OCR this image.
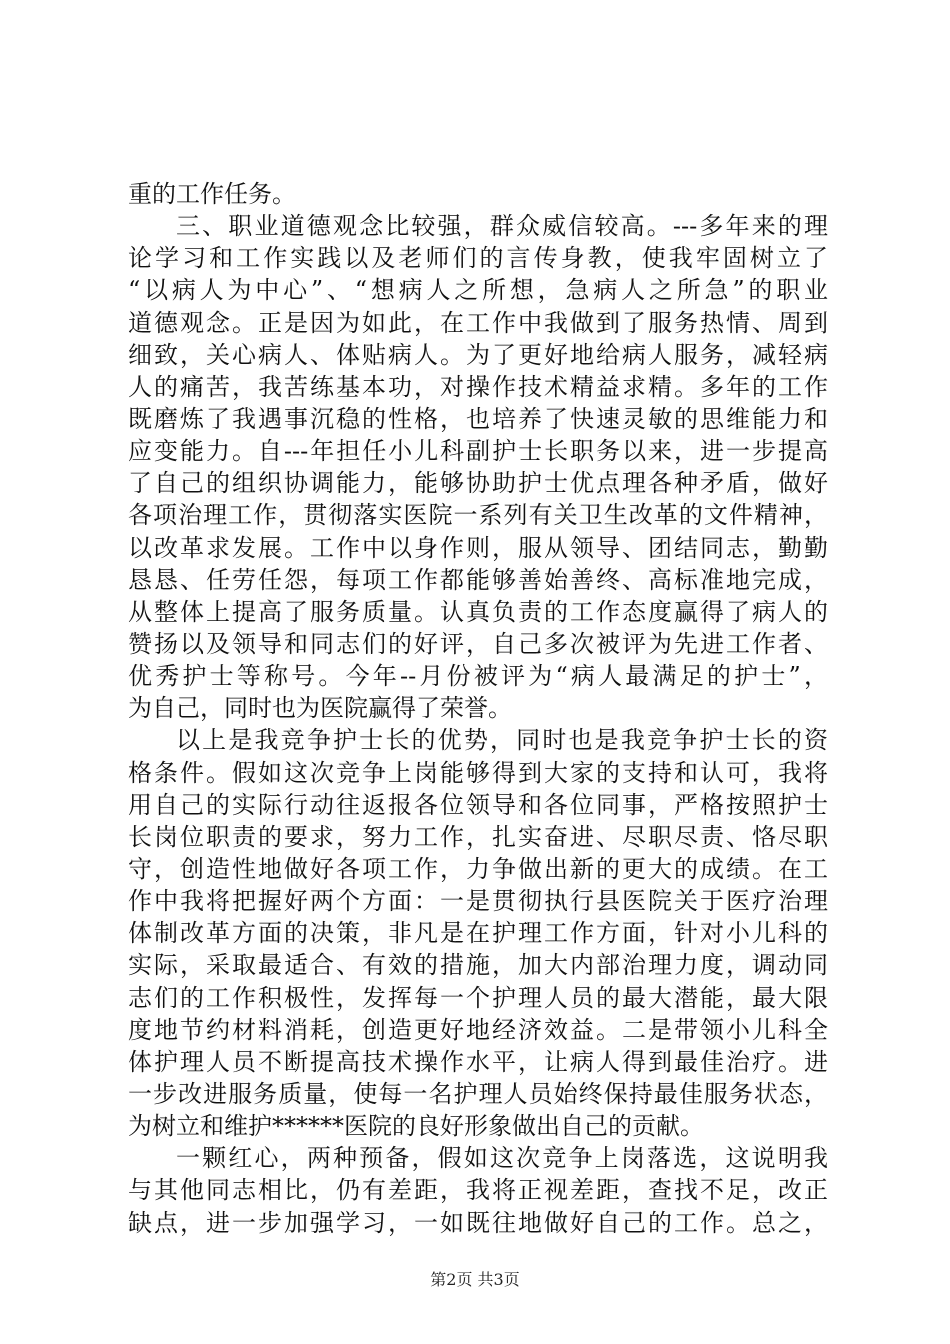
重的工作任务。
三、职业道德观念比较强，群众威信较高。---多年来的理
论学习和工作实践以及老师们的言传身教，使我牢固树立了
“以病人为中心”、“想病人之所想，急病人之所急”的职业
道德观念。正是因为如此，在工作中我做到了服务热情、周到
细致，关心病人、体贴病人。为了更好地给病人服务，减轻病
人的痛苦，我苦练基本功，对操作技术精益求精。多年的工作
既磨炼了我遇事沉稳的性格，也培养了快速灵敏的思维能力和
应变能力。自---年担任小儿科副护士长职务以来，进一步提高
了自己的组织协调能力，能够协助护士优点理各种矛盾，做好
各项治理工作，贯彻落实医院一系列有关卫生改革的文件精神，
以改革求发展。工作中以身作则，服从领导、团结同志，勤勤
恳恳、任劳任怨，每项工作都能够善始善终、高标准地完成，
从整体上提高了服务质量。认真负责的工作态度赢得了病人的
赞扬以及领导和同志们的好评，自己多次被评为先进工作者、
优秀护士等称号。今年--月份被评为“病人最满足的护士”，
为自己，同时也为医院赢得了荣誉。
以上是我竞争护士长的优势，同时也是我竞争护士长的资
格条件。假如这次竞争上岗能够得到大家的支持和认可，我将
用自己的实际行动往返报各位领导和各位同事，严格按照护士
长岗位职责的要求，努力工作，扎实奋进、尽职尽责、恪尽职
守，创造性地做好各项工作，力争做出新的更大的成绩。在工
作中我将把握好两个方面：一是贯彻执行县医院关于医疗治理
体制改革方面的决策，非凡是在护理工作方面，针对小儿科的
实际，采取最适合、有效的措施，加大内部治理力度，调动同
志们的工作积极性，发挥每一个护理人员的最大潜能，最大限
度地节约材料消耗，创造更好地经济效益。二是带领小儿科全
体护理人员不断提高技术操作水平，让病人得到最佳治疗。进
一步改进服务质量，使每一名护理人员始终保持最佳服务状态，
为树立和维护******医院的良好形象做出自己的贡献。
一颗红心，两种预备，假如这次竞争上岗落选，这说明我
与其他同志相比，仍有差距，我将正视差距，查找不足，改正
缺点，进一步加强学习，一如既往地做好自己的工作。总之，
第2页 共3页
